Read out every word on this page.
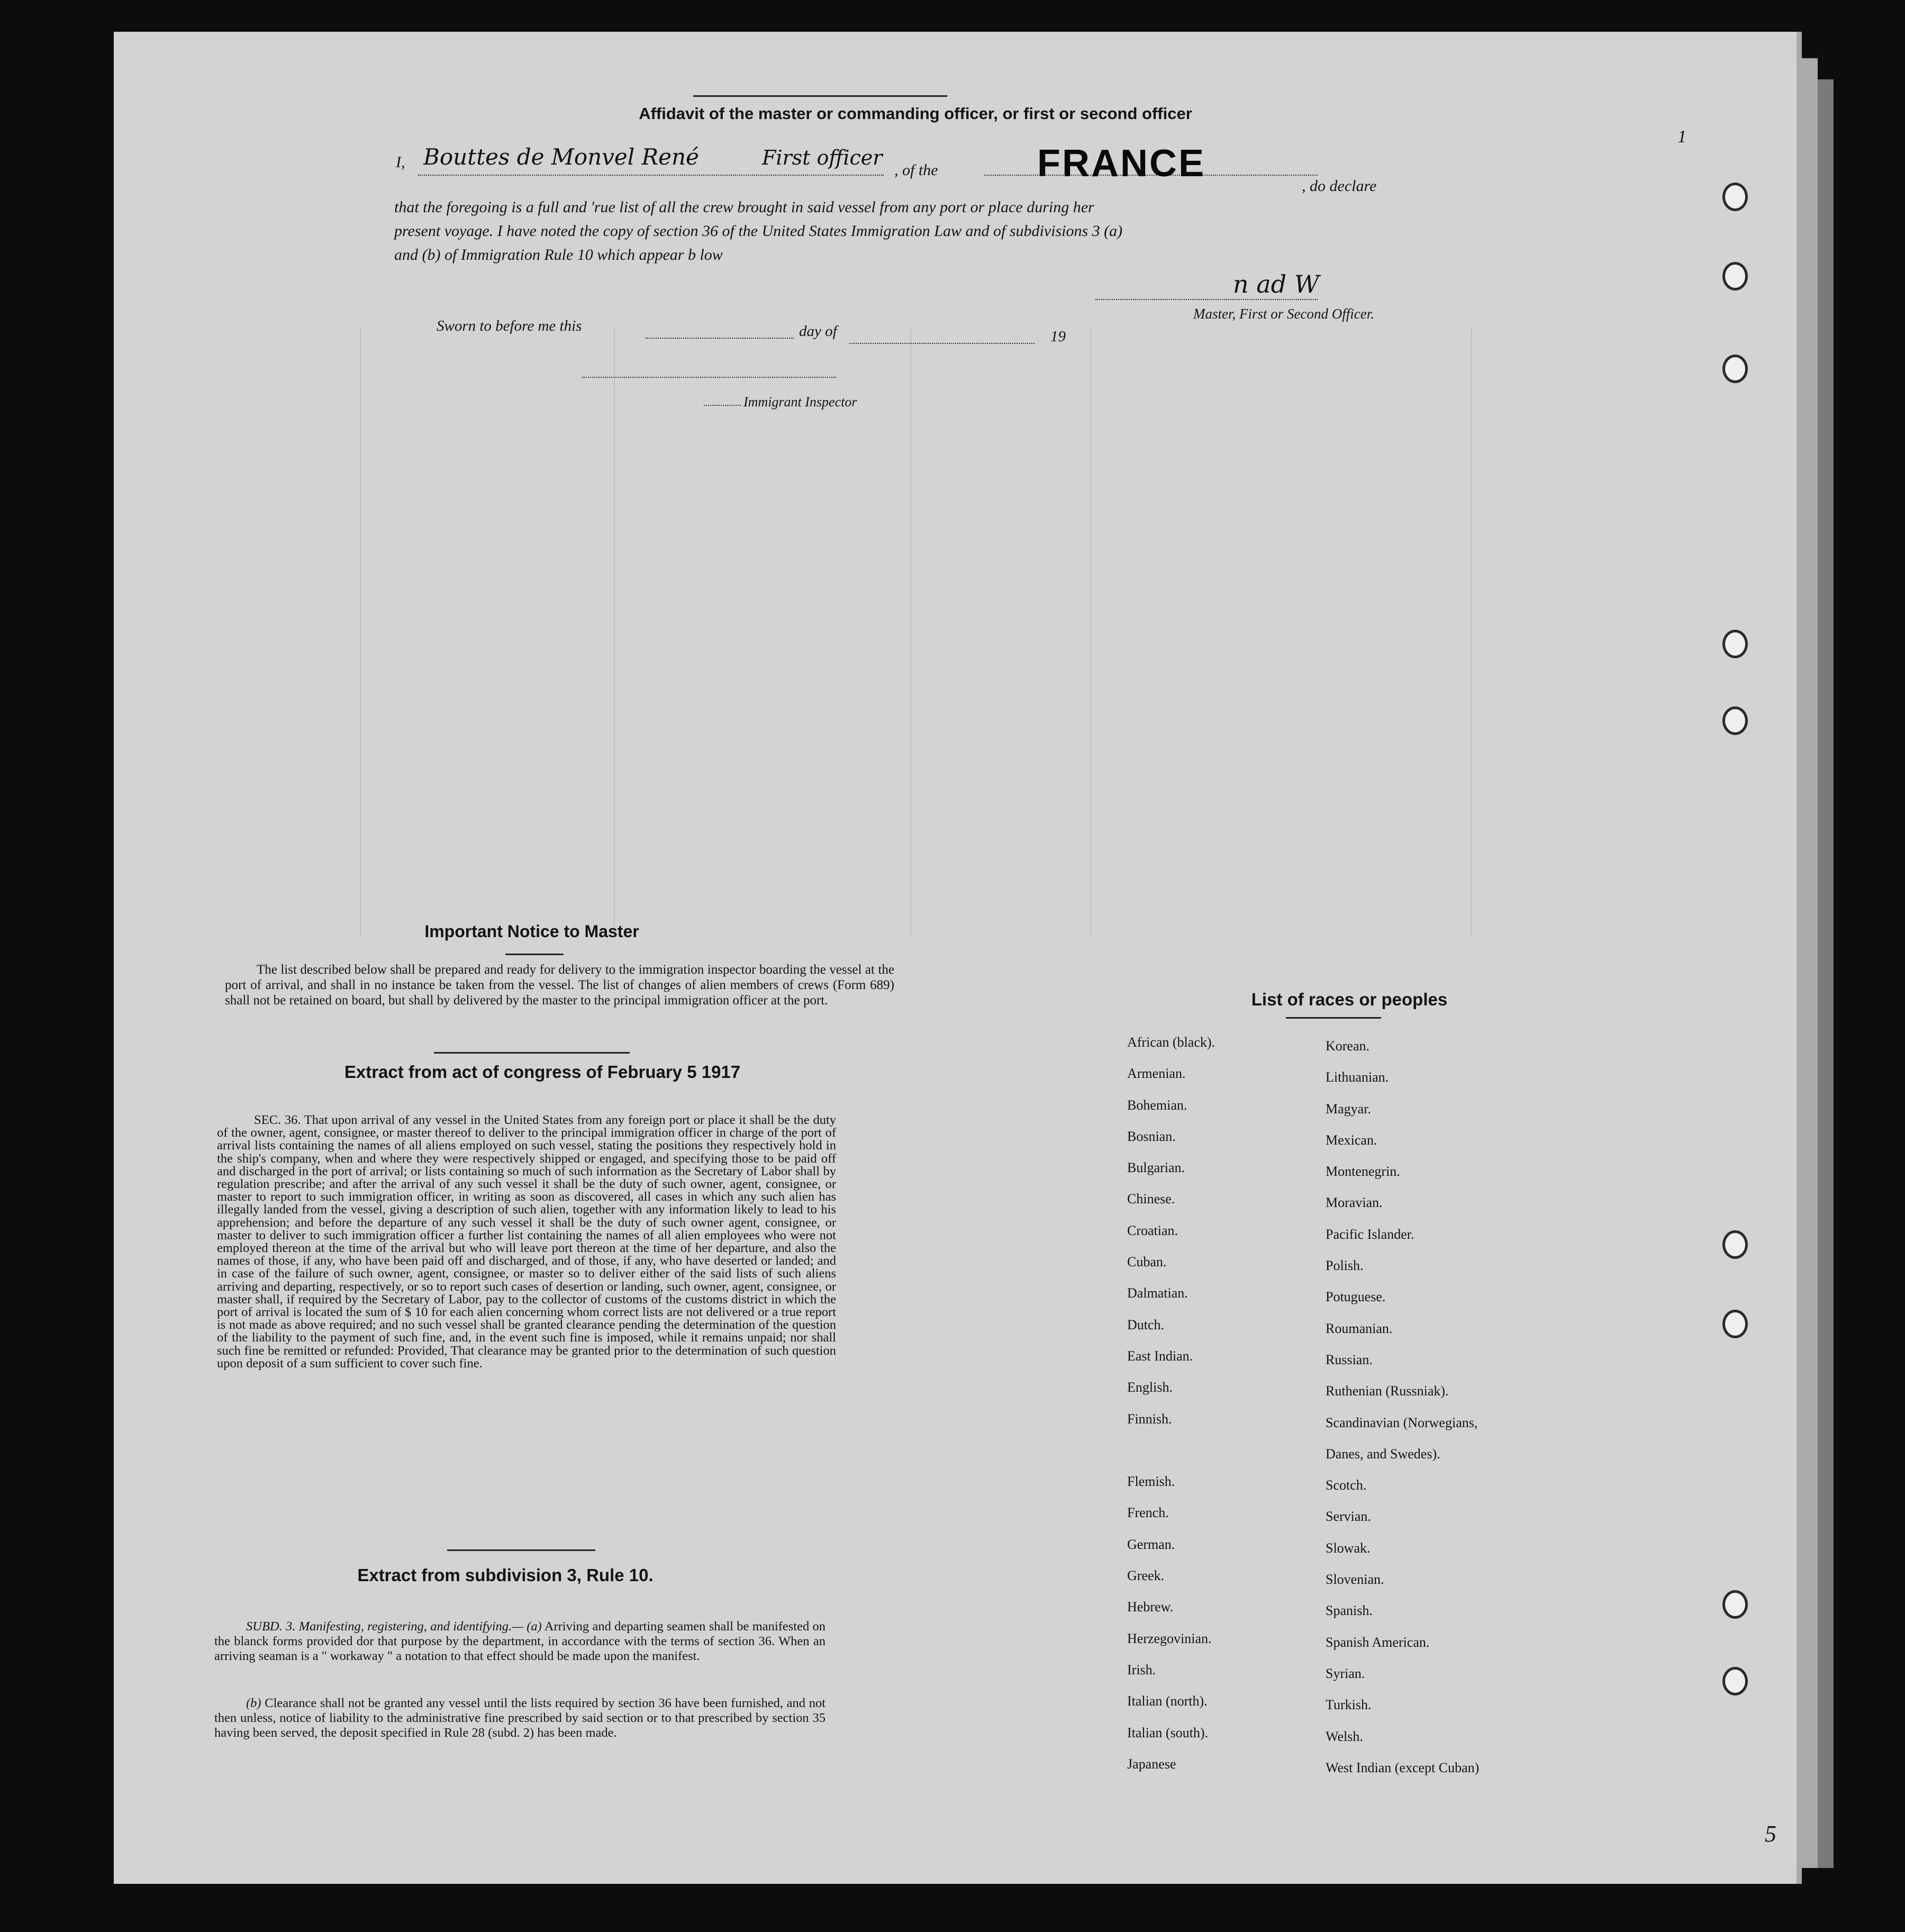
1
5
Affidavit of the master or commanding officer, or first or second officer
I, Bouttes de Monvel René	First officer
, of the	FRANCE
, do declare
that the foregoing is a full and 'rue list of all the crew brought in said vessel from any port or place during her
present voyage. I have noted the copy of section 36 of the United States Immigration Law and of subdivisions 3 (a)
and (b) of Immigration Rule 10 which appear b low
n ad W
Master, First or Second Officer.
Sworn to before me this	day of	19
Immigrant Inspector
Important Notice to Master
The list described below shall be prepared and ready for delivery to the immigration inspector boarding the vessel at the port of arrival, and shall in no instance be taken from the vessel. The list of changes of alien members of crews (Form 689) shall not be retained on board, but shall by delivered by the master to the principal immigration officer at the port.
Extract from act of congress of February 5 1917
SEC. 36. That upon arrival of any vessel in the United States from any foreign port or place it shall be the duty of the owner, agent, consignee, or master thereof to deliver to the principal immigration officer in charge of the port of arrival lists containing the names of all aliens employed on such vessel, stating the positions they respectively hold in the ship's company, when and where they were respectively shipped or engaged, and specifying those to be paid off and discharged in the port of arrival; or lists containing so much of such information as the Secretary of Labor shall by regulation prescribe; and after the arrival of any such vessel it shall be the duty of such owner, agent, consignee, or master to report to such immigration officer, in writing as soon as discovered, all cases in which any such alien has illegally landed from the vessel, giving a description of such alien, together with any information likely to lead to his apprehension; and before the departure of any such vessel it shall be the duty of such owner agent, consignee, or master to deliver to such immigration officer a further list containing the names of all alien employees who were not employed thereon at the time of the arrival but who will leave port thereon at the time of her departure, and also the names of those, if any, who have been paid off and discharged, and of those, if any, who have deserted or landed; and in case of the failure of such owner, agent, consignee, or master so to deliver either of the said lists of such aliens arriving and departing, respectively, or so to report such cases of desertion or landing, such owner, agent, consignee, or master shall, if required by the Secretary of Labor, pay to the collector of customs of the customs district in which the port of arrival is located the sum of $ 10 for each alien concerning whom correct lists are not delivered or a true report is not made as above required; and no such vessel shall be granted clearance pending the determination of the question of the liability to the payment of such fine, and, in the event such fine is imposed, while it remains unpaid; nor shall such fine be remitted or refunded: Provided, That clearance may be granted prior to the determination of such question upon deposit of a sum sufficient to cover such fine.
Extract from subdivision 3, Rule 10.
SUBD. 3. Manifesting, registering, and identifying.— (a) Arriving and departing seamen shall be manifested on the blanck forms provided dor that purpose by the department, in accordance with the terms of section 36. When an arriving seaman is a " workaway " a notation to that effect should be made upon the manifest.
(b) Clearance shall not be granted any vessel until the lists required by section 36 have been furnished, and not then unless, notice of liability to the administrative fine prescribed by said section or to that prescribed by section 35 having been served, the deposit specified in Rule 28 (subd. 2) has been made.
List of races or peoples
African (black).
Armenian.
Bohemian.
Bosnian.
Bulgarian.
Chinese.
Croatian.
Cuban.
Dalmatian.
Dutch.
East Indian.
English.
Finnish.
Flemish.
French.
German.
Greek.
Hebrew.
Herzegovinian.
Irish.
Italian (north).
Italian (south).
Japanese
Korean.
Lithuanian.
Magyar.
Mexican.
Montenegrin.
Moravian.
Pacific Islander.
Polish.
Potuguese.
Roumanian.
Russian.
Ruthenian (Russniak).
Scandinavian (Norwegians,
Danes, and Swedes).
Scotch.
Servian.
Slowak.
Slovenian.
Spanish.
Spanish American.
Syrian.
Turkish.
Welsh.
West Indian (except Cuban)
